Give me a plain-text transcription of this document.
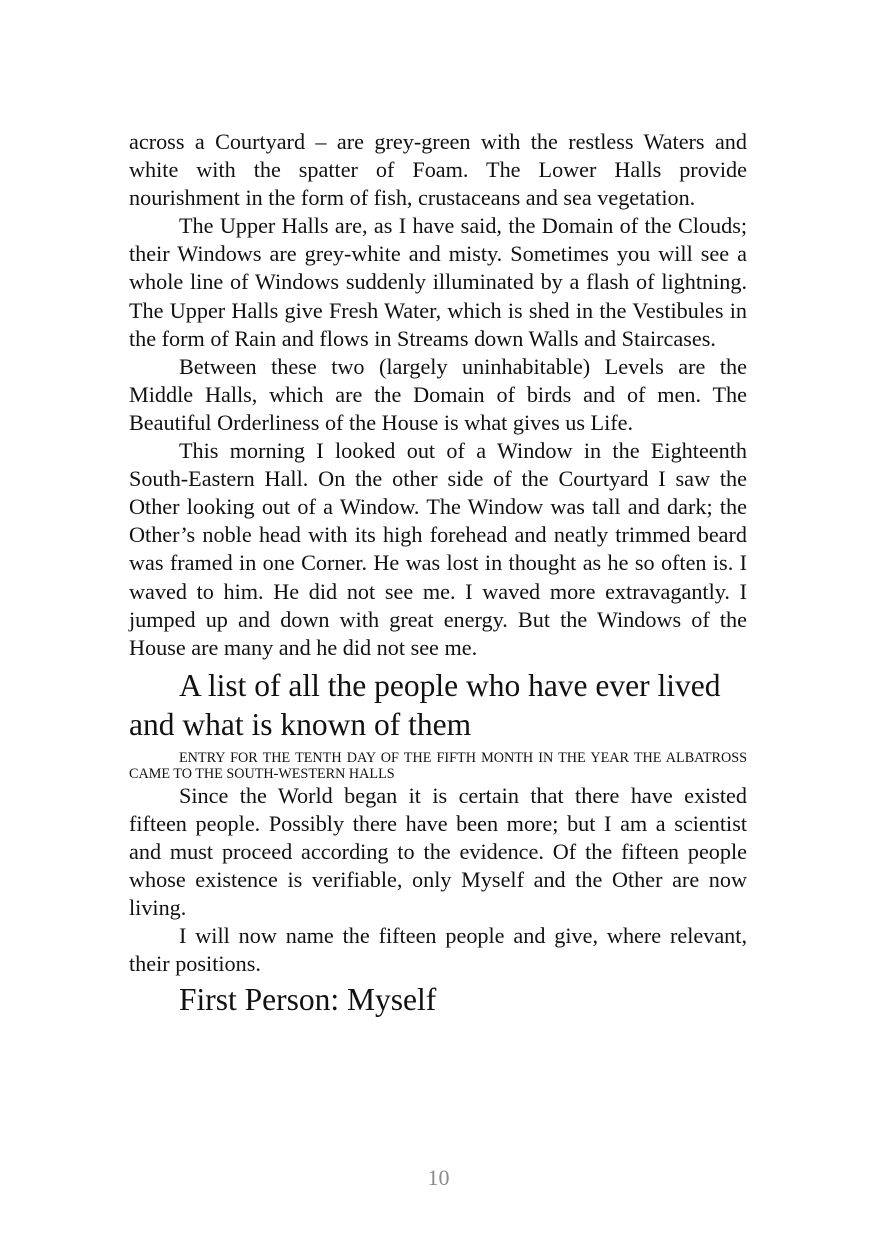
across a Courtyard – are grey-green with the restless Waters and white with the spatter of Foam. The Lower Halls provide nourishment in the form of fish, crustaceans and sea vegetation.

The Upper Halls are, as I have said, the Domain of the Clouds; their Windows are grey-white and misty. Sometimes you will see a whole line of Windows suddenly illuminated by a flash of lightning. The Upper Halls give Fresh Water, which is shed in the Vestibules in the form of Rain and flows in Streams down Walls and Staircases.

Between these two (largely uninhabitable) Levels are the Middle Halls, which are the Domain of birds and of men. The Beautiful Orderliness of the House is what gives us Life.

This morning I looked out of a Window in the Eighteenth South-Eastern Hall. On the other side of the Courtyard I saw the Other looking out of a Window. The Window was tall and dark; the Other’s noble head with its high forehead and neatly trimmed beard was framed in one Corner. He was lost in thought as he so often is. I waved to him. He did not see me. I waved more extravagantly. I jumped up and down with great energy. But the Windows of the House are many and he did not see me.

A list of all the people who have ever lived and what is known of them

ENTRY FOR THE TENTH DAY OF THE FIFTH MONTH IN THE YEAR THE ALBATROSS CAME TO THE SOUTH-WESTERN HALLS

Since the World began it is certain that there have existed fifteen people. Possibly there have been more; but I am a scientist and must proceed according to the evidence. Of the fifteen people whose existence is verifiable, only Myself and the Other are now living.

I will now name the fifteen people and give, where relevant, their positions.

First Person: Myself
10
